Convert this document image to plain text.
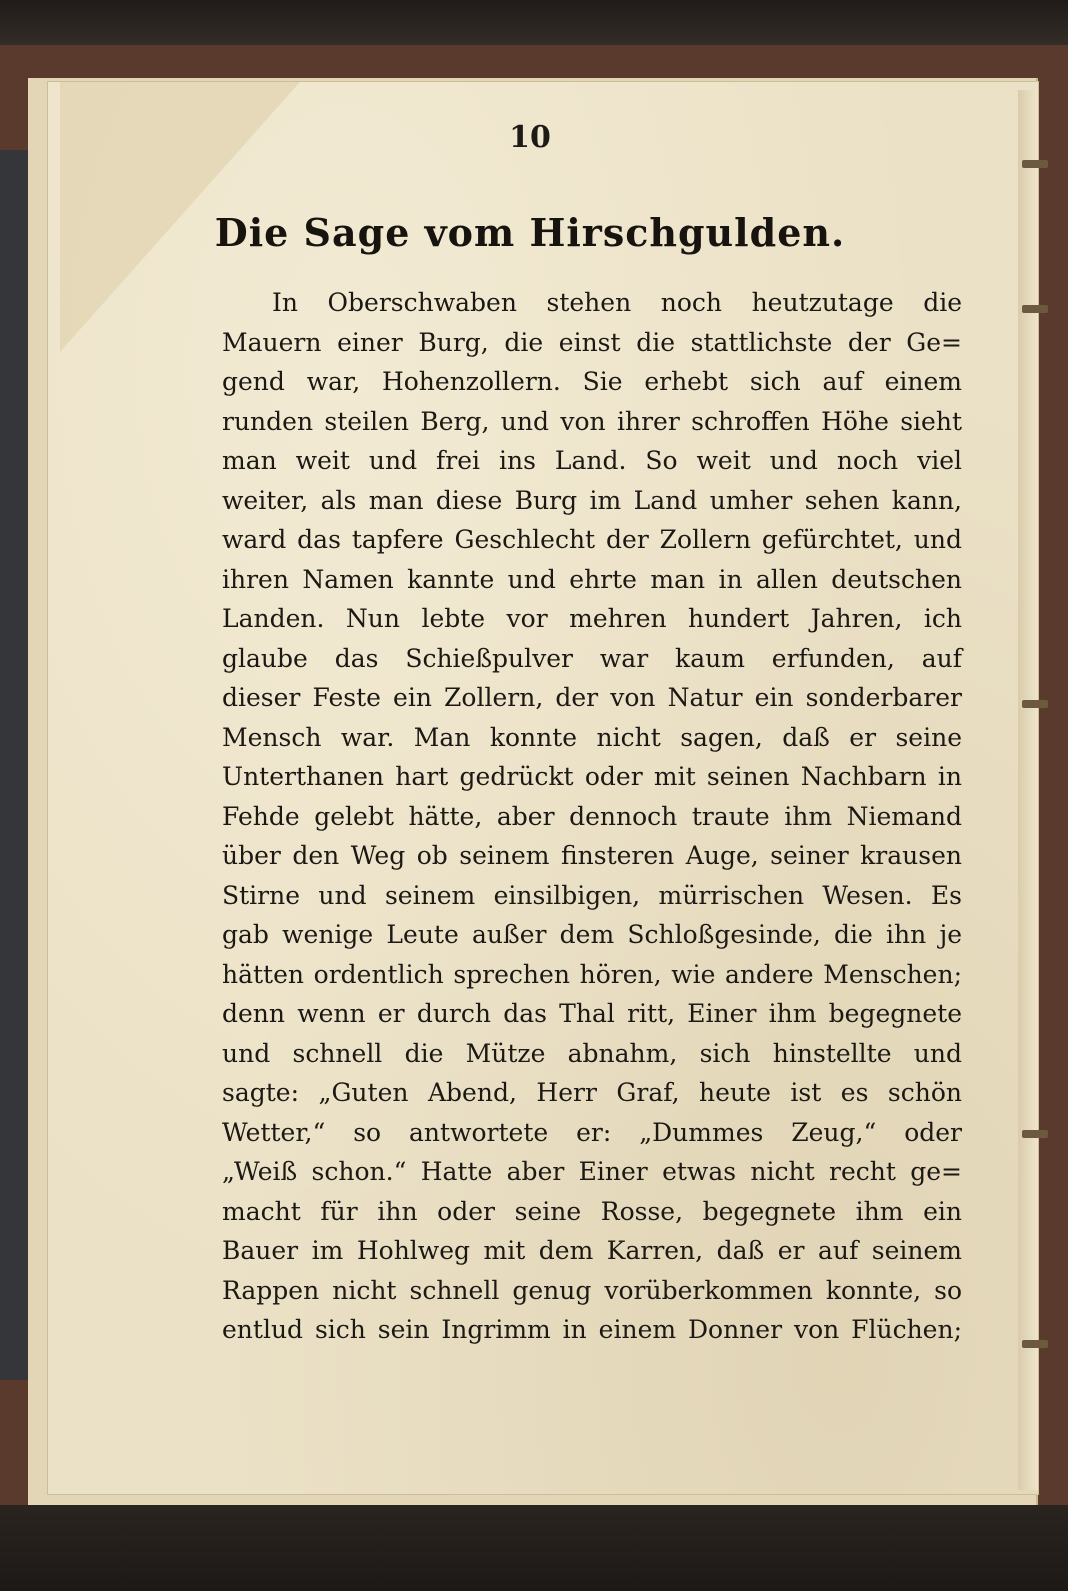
10
Die Sage vom Hirschgulden.
In Oberschwaben stehen noch heutzutage die
Mauern einer Burg, die einst die stattlichste der Ge=
gend war, Hohenzollern. Sie erhebt sich auf einem
runden steilen Berg, und von ihrer schroffen Höhe sieht
man weit und frei ins Land. So weit und noch viel
weiter, als man diese Burg im Land umher sehen kann,
ward das tapfere Geschlecht der Zollern gefürchtet, und
ihren Namen kannte und ehrte man in allen deutschen
Landen. Nun lebte vor mehren hundert Jahren, ich
glaube das Schießpulver war kaum erfunden, auf
dieser Feste ein Zollern, der von Natur ein sonderbarer
Mensch war. Man konnte nicht sagen, daß er seine
Unterthanen hart gedrückt oder mit seinen Nachbarn in
Fehde gelebt hätte, aber dennoch traute ihm Niemand
über den Weg ob seinem finsteren Auge, seiner krausen
Stirne und seinem einsilbigen, mürrischen Wesen. Es
gab wenige Leute außer dem Schloßgesinde, die ihn je
hätten ordentlich sprechen hören, wie andere Menschen;
denn wenn er durch das Thal ritt, Einer ihm begegnete
und schnell die Mütze abnahm, sich hinstellte und
sagte: „Guten Abend, Herr Graf, heute ist es schön
Wetter,“ so antwortete er: „Dummes Zeug,“ oder
„Weiß schon.“ Hatte aber Einer etwas nicht recht ge=
macht für ihn oder seine Rosse, begegnete ihm ein
Bauer im Hohlweg mit dem Karren, daß er auf seinem
Rappen nicht schnell genug vorüberkommen konnte, so
entlud sich sein Ingrimm in einem Donner von Flüchen;
